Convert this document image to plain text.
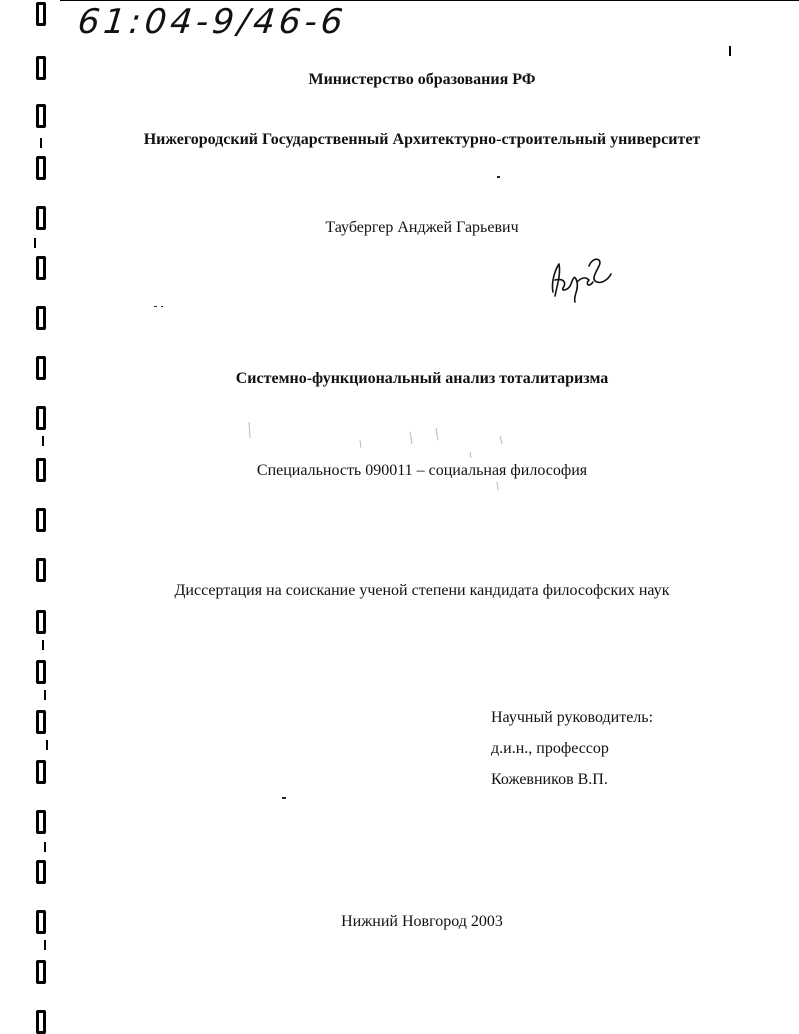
61:04-9/46-6
Министерство образования РФ
Нижегородский Государственный Архитектурно-строительный университет
Таубергер Анджей Гарьевич
Системно-функциональный анализ тоталитаризма
Специальность 090011 – социальная философия
Диссертация на соискание ученой степени кандидата философских наук
Научный руководитель:
д.и.н., профессор
Кожевников В.П.
Нижний Новгород 2003
